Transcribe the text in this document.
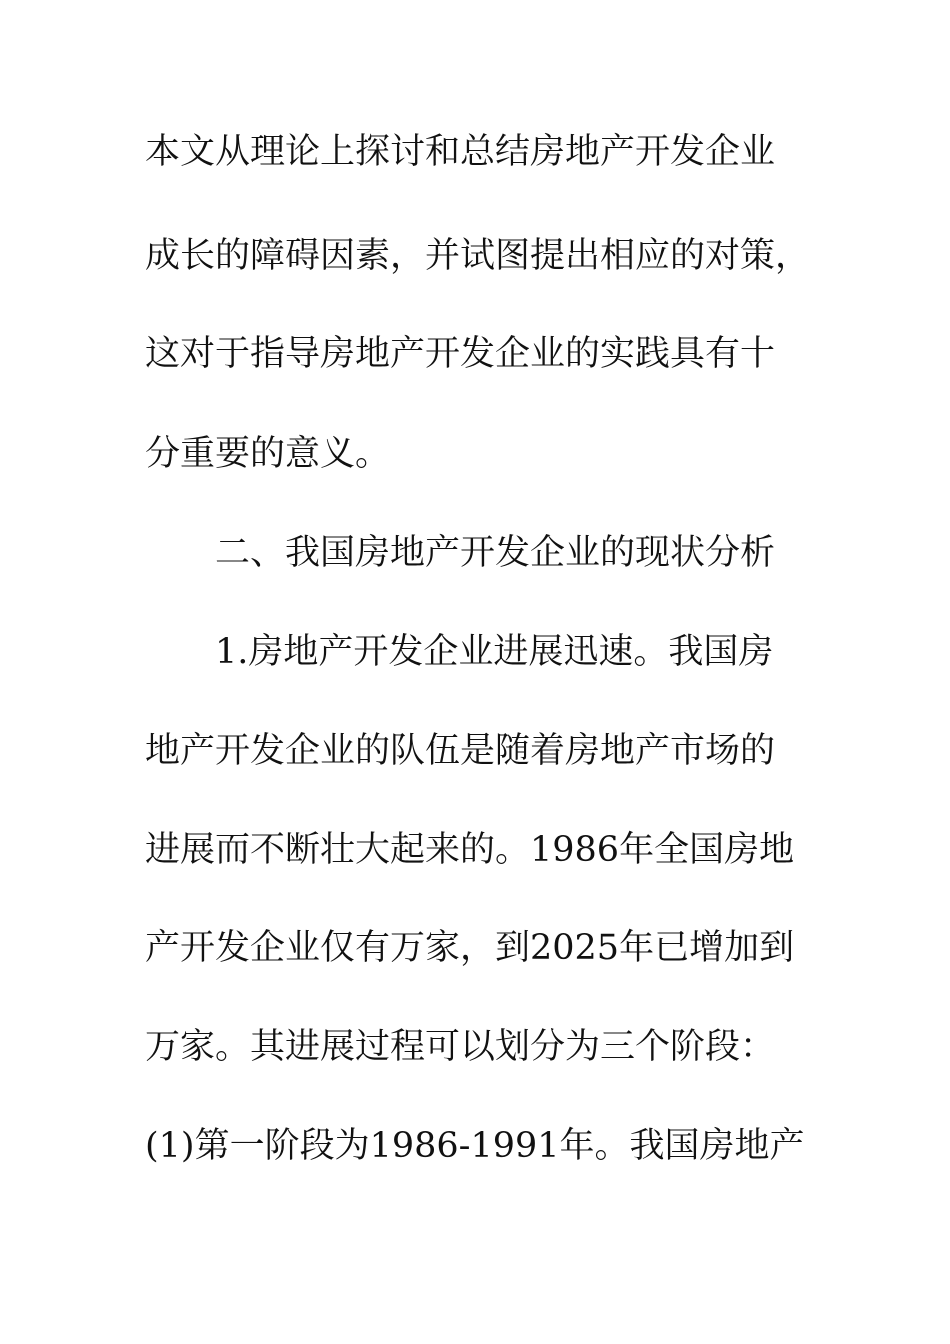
本文从理论上探讨和总结房地产开发企业
成长的障碍因素，并试图提出相应的对策，
这对于指导房地产开发企业的实践具有十
分重要的意义。
二、我国房地产开发企业的现状分析
1.房地产开发企业进展迅速。我国房
地产开发企业的队伍是随着房地产市场的
进展而不断壮大起来的。1986年全国房地
产开发企业仅有万家，到2025年已增加到
万家。其进展过程可以划分为三个阶段：
(1)第一阶段为1986-1991年。我国房地产
